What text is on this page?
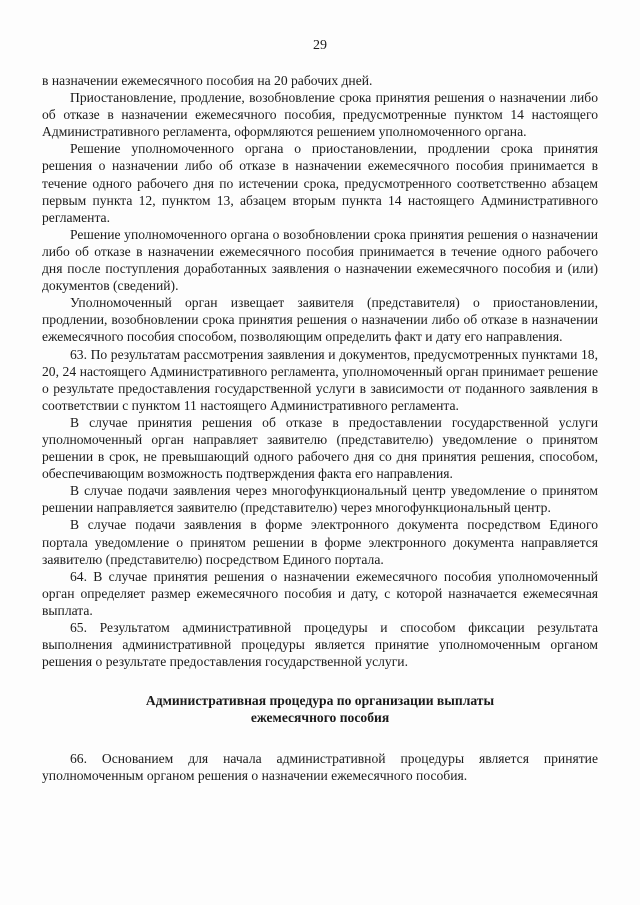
29

в назначении ежемесячного пособия на 20 рабочих дней.

Приостановление, продление, возобновление срока принятия решения о назначении либо об отказе в назначении ежемесячного пособия, предусмотренные пунктом 14 настоящего Административного регламента, оформляются решением уполномоченного органа.

Решение уполномоченного органа о приостановлении, продлении срока принятия решения о назначении либо об отказе в назначении ежемесячного пособия принимается в течение одного рабочего дня по истечении срока, предусмотренного соответственно абзацем первым пункта 12, пунктом 13, абзацем вторым пункта 14 настоящего Административного регламента.

Решение уполномоченного органа о возобновлении срока принятия решения о назначении либо об отказе в назначении ежемесячного пособия принимается в течение одного рабочего дня после поступления доработанных заявления о назначении ежемесячного пособия и (или) документов (сведений).

Уполномоченный орган извещает заявителя (представителя) о приостановлении, продлении, возобновлении срока принятия решения о назначении либо об отказе в назначении ежемесячного пособия способом, позволяющим определить факт и дату его направления.

63. По результатам рассмотрения заявления и документов, предусмотренных пунктами 18, 20, 24 настоящего Административного регламента, уполномоченный орган принимает решение о результате предоставления государственной услуги в зависимости от поданного заявления в соответствии с пунктом 11 настоящего Административного регламента.

В случае принятия решения об отказе в предоставлении государственной услуги уполномоченный орган направляет заявителю (представителю) уведомление о принятом решении в срок, не превышающий одного рабочего дня со дня принятия решения, способом, обеспечивающим возможность подтверждения факта его направления.

В случае подачи заявления через многофункциональный центр уведомление о принятом решении направляется заявителю (представителю) через многофункциональный центр.

В случае подачи заявления в форме электронного документа посредством Единого портала уведомление о принятом решении в форме электронного документа направляется заявителю (представителю) посредством Единого портала.

64. В случае принятия решения о назначении ежемесячного пособия уполномоченный орган определяет размер ежемесячного пособия и дату, с которой назначается ежемесячная выплата.

65. Результатом административной процедуры и способом фиксации результата выполнения административной процедуры является принятие уполномоченным органом решения о результате предоставления государственной услуги.

Административная процедура по организации выплаты
ежемесячного пособия

66. Основанием для начала административной процедуры является принятие уполномоченным органом решения о назначении ежемесячного пособия.
